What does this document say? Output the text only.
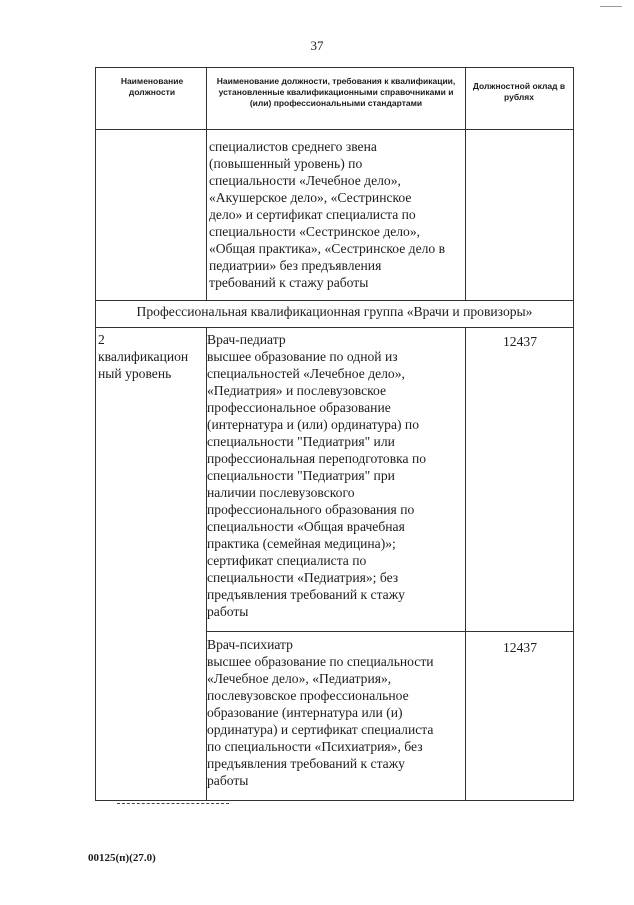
37
Наименование должности
Наименование должности, требования к квалификации, установленные квалификационными справочниками и (или) профессиональными стандартами
Должностной оклад в рублях
специалистов среднего звена
(повышенный уровень) по
специальности «Лечебное дело»,
«Акушерское дело», «Сестринское
дело» и сертификат специалиста по
специальности «Сестринское дело»,
«Общая практика», «Сестринское дело в
педиатрии» без предъявления
требований к стажу работы
Профессиональная квалификационная группа «Врачи и провизоры»
2
квалификацион
ный уровень
Врач-педиатр
высшее образование по одной из
специальностей «Лечебное дело»,
«Педиатрия» и послевузовское
профессиональное образование
(интернатура и (или) ординатура) по
специальности "Педиатрия" или
профессиональная переподготовка по
специальности "Педиатрия" при
наличии послевузовского
профессионального образования по
специальности «Общая врачебная
практика (семейная медицина)»;
сертификат специалиста по
специальности «Педиатрия»; без
предъявления требований к стажу
работы
12437
Врач-психиатр
высшее образование по специальности
«Лечебное дело», «Педиатрия»,
послевузовское профессиональное
образование (интернатура или (и)
ординатура) и сертификат специалиста
по специальности «Психиатрия», без
предъявления требований к стажу
работы
12437
00125(п)(27.0)
